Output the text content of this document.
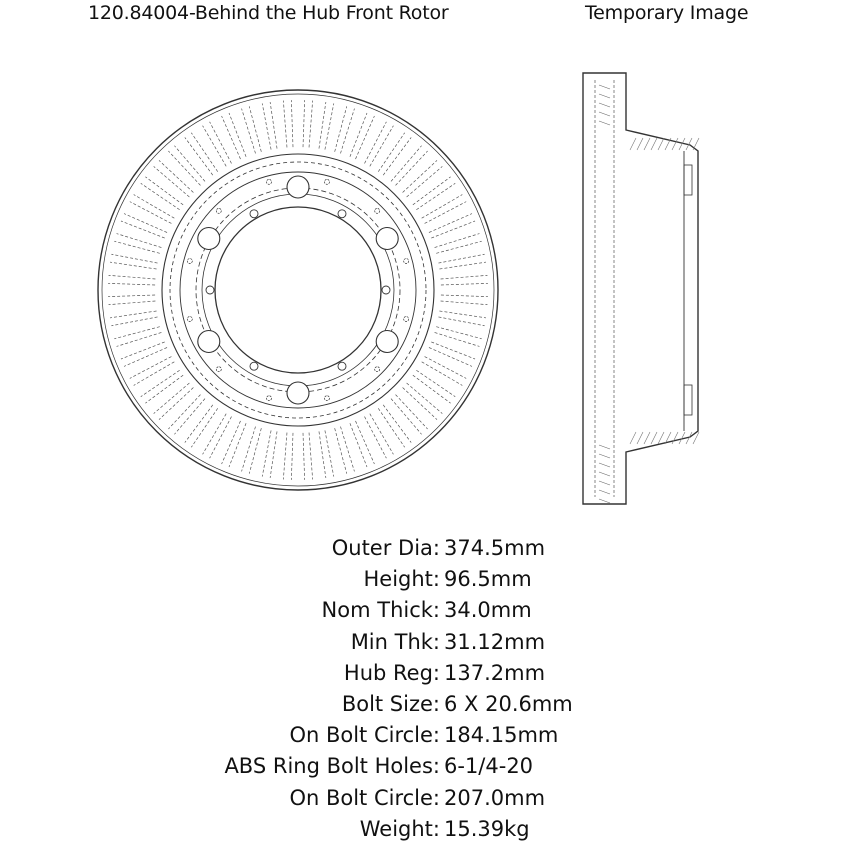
120.84004-Behind the Hub Front Rotor	Temporary Image
Outer Dia: 374.5mm
Height: 96.5mm
Nom Thick: 34.0mm
Min Thk: 31.12mm
Hub Reg: 137.2mm
Bolt Size: 6 X 20.6mm
On Bolt Circle: 184.15mm
ABS Ring Bolt Holes: 6-1/4-20
On Bolt Circle: 207.0mm
Weight: 15.39kg
